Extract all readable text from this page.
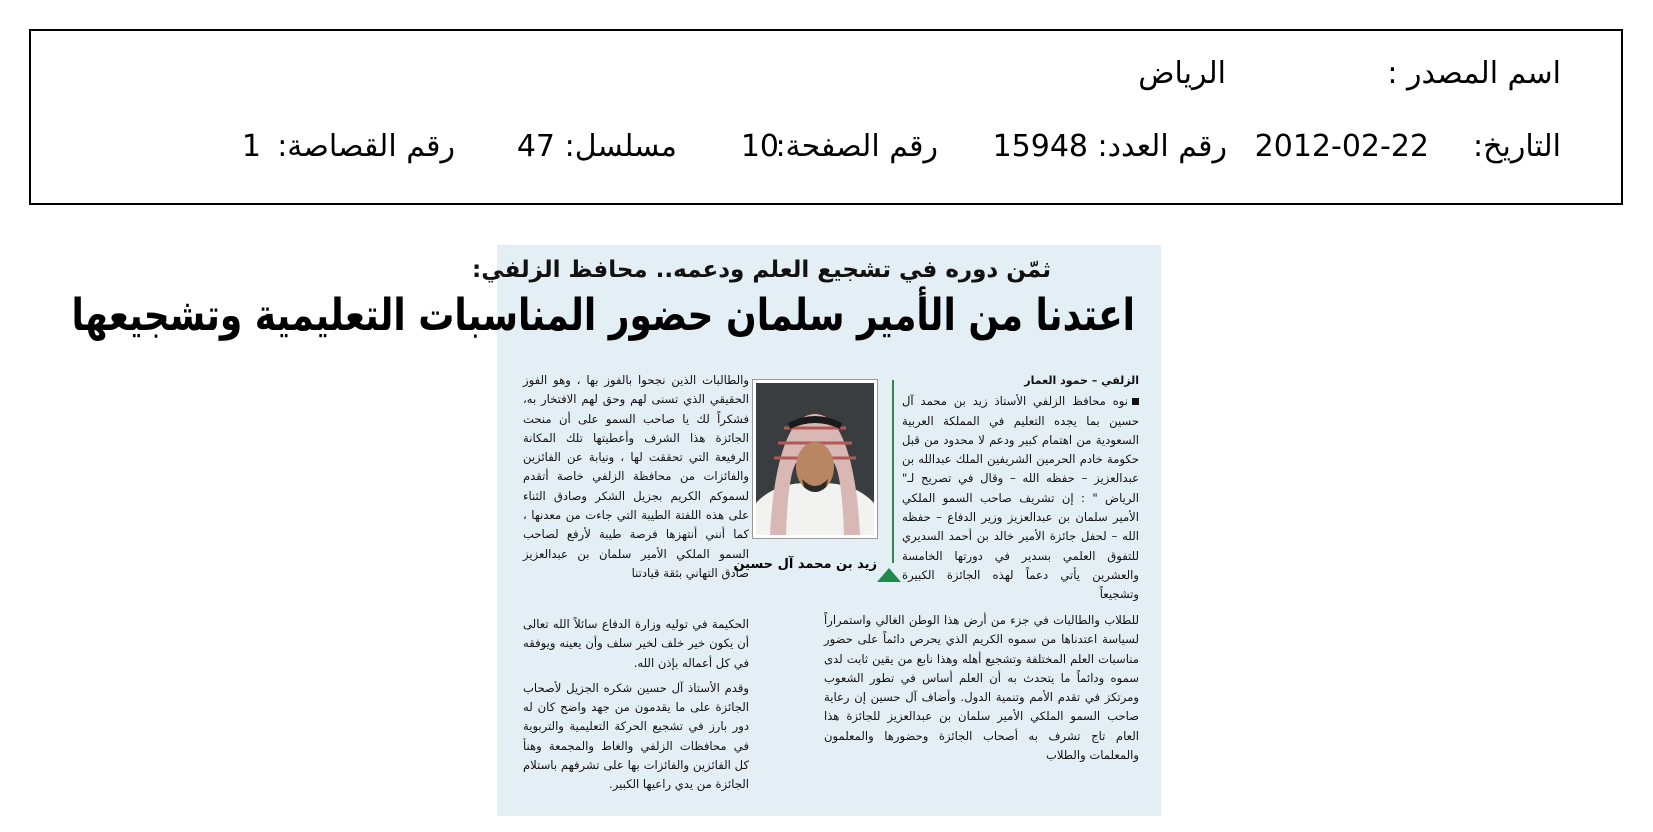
اسم المصدر :
الرياض
التاريخ:
2012-02-22
رقم العدد:
15948
رقم الصفحة:
10
مسلسل:
47
رقم القصاصة:
1
ثمّن دوره في تشجيع العلم ودعمه.. محافظ الزلفي:
اعتدنا من الأمير سلمان حضور المناسبات التعليمية وتشجيعها
الزلفي – حمود العمار

نوه محافظ الزلفي الأستاذ زيد بن محمد آل حسين بما يجده التعليم في المملكة العربية السعودية من اهتمام كبير ودعم لا محدود من قبل حكومة خادم الحرمين الشريفين الملك عبدالله بن عبدالعزيز – حفظه الله – وقال في تصريح لـ" الرياض " : إن تشريف صاحب السمو الملكي الأمير سلمان بن عبدالعزيز وزير الدفاع – حفظه الله – لحفل جائزة الأمير خالد بن أحمد السديري للتفوق العلمي بسدير في دورتها الخامسة والعشرين يأتي دعماً لهذه الجائزة الكبيرة وتشجيعاً

زيد بن محمد آل حسين

والطالبات الذين نجحوا بالفوز بها ، وهو الفوز الحقيقي الذي تسنى لهم وحق لهم الافتخار به، فشكراً لك يا صاحب السمو على أن منحت الجائزة هذا الشرف وأعطيتها تلك المكانة الرفيعة التي تحققت لها ، ونيابة عن الفائزين والفائزات من محافظة الزلفي خاصة أتقدم لسموكم الكريم بجزيل الشكر وصادق الثناء على هذه اللفتة الطيبة التي جاءت من معدنها ، كما أنني أنتهزها فرصة طيبة لأرفع لصاحب السمو الملكي الأمير سلمان بن عبدالعزيز صادق التهاني بثقة قيادتنا

الحكيمة في توليه وزارة الدفاع سائلاً الله تعالى أن يكون خير خلف لخير سلف وأن يعينه ويوفقه في كل أعماله بإذن الله.

وقدم الأستاذ آل حسين شكره الجزيل لأصحاب الجائزة على ما يقدمون من جهد واضح كان له دور بارز في تشجيع الحركة التعليمية والتربوية في محافظات الزلفي والغاط والمجمعة وهنأ كل الفائزين والفائزات بها على تشرفهم باستلام الجائزة من يدي راعيها الكبير.

للطلاب والطالبات في جزء من أرض هذا الوطن الغالي واستمراراً لسياسة اعتدناها من سموه الكريم الذي يحرص دائماً على حضور مناسبات العلم المختلفة وتشجيع أهله وهذا نابع من يقين ثابت لدى سموه ودائماً ما يتحدث به أن العلم أساس في تطور الشعوب ومرتكز في تقدم الأمم وتنمية الدول. وأضاف آل حسين إن رعاية صاحب السمو الملكي الأمير سلمان بن عبدالعزيز للجائزة هذا العام تاج تشرف به أصحاب الجائزة وحضورها والمعلمون والمعلمات والطلاب
